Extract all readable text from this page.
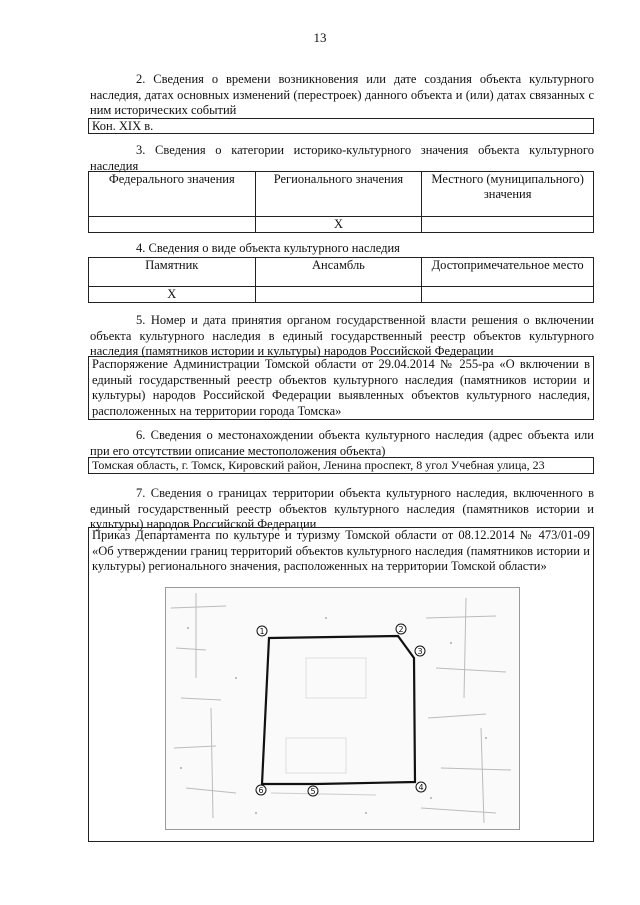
13
2. Сведения о времени возникновения или дате создания объекта культурного наследия, датах основных изменений (перестроек) данного объекта и (или) датах связанных с ним исторических событий
Кон. XIX в.
3. Сведения о категории историко-культурного значения объекта культурного наследия
Федерального значения	Регионального значения	Местного (муниципального) значения
	Х	
4. Сведения о виде объекта культурного наследия
Памятник	Ансамбль	Достопримечательное место
Х		
5. Номер и дата принятия органом государственной власти решения о включении объекта культурного наследия в единый государственный реестр объектов культурного наследия (памятников истории и культуры) народов Российской Федерации
Распоряжение Администрации Томской области от 29.04.2014 № 255-ра «О включении в единый государственный реестр объектов культурного наследия (памятников истории и культуры) народов Российской Федерации выявленных объектов культурного наследия, расположенных на территории города Томска»
6. Сведения о местонахождении объекта культурного наследия (адрес объекта или при его отсутствии описание местоположения объекта)
Томская область, г. Томск, Кировский район, Ленина проспект, 8 угол Учебная улица, 23
7. Сведения о границах территории объекта культурного наследия, включенного в единый государственный реестр объектов культурного наследия (памятников истории и культуры) народов Российской Федерации
Приказ Департамента по культуре и туризму Томской области от 08.12.2014 № 473/01-09 «Об утверждении границ территорий объектов культурного наследия (памятников истории и культуры) регионального значения, расположенных на территории Томской области»
1	2
3
4
5
6
